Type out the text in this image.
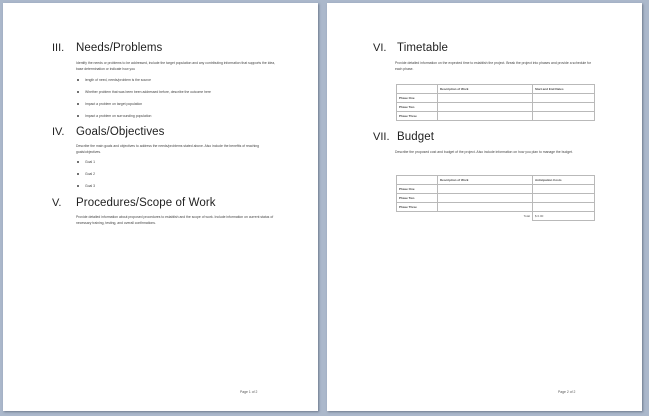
III.	Needs/Problems

Identify the needs or problems to be addressed, include the target population and any contributing information that supports the idea, base determination or indicate how you

length of need, needs/problem is the source
Whether problem that was been been addressed before, describe the outcome here
Impact a problem on target population
Impact a problem on surrounding population
IV.	Goals/Objectives

Describe the main goals and objectives to address the needs/problems stated above. Also include the benefits of reaching goals/objectives.

Goal 1
Goal 2
Goal 3
V.	Procedures/Scope of Work

Provide detailed information about proposed procedures to establish and the scope of work. Include information on current status of necessary training, testing, and overall confirmations.

Page 1 of 2
VI. Timetable

Provide detailed information on the expected time to establish the project. Break the project into phases and provide a schedule for each phase.

	Description of Work	Start and End Dates
Phase One		
Phase Two		
Phase Three		
VII. Budget

Describe the proposed cost and budget of the project. Also include information on how you plan to manage the budget.

	Description of Work	Anticipation Costs
Phase One		
Phase Two		
Phase Three		
	Total	$ 0.00
Page 2 of 2
